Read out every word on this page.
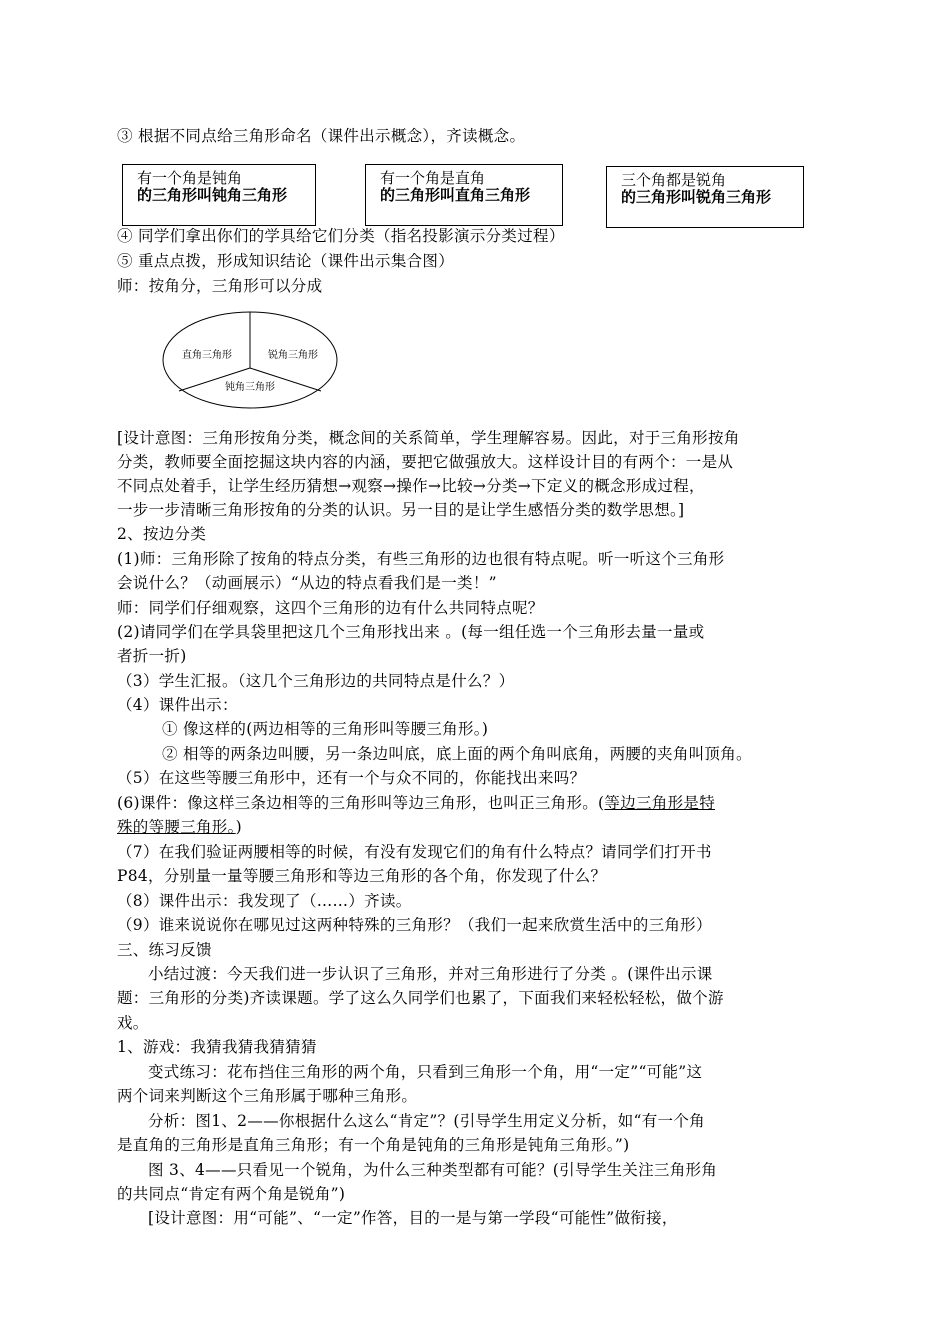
③ 根据不同点给三角形命名（课件出示概念），齐读概念。
有一个角是钝角
的三角形叫钝角三角形
有一个角是直角
的三角形叫直角三角形
三个角都是锐角
的三角形叫锐角三角形
④ 同学们拿出你们的学具给它们分类（指名投影演示分类过程）
⑤ 重点点拨，形成知识结论（课件出示集合图）
师：按角分，三角形可以分成
直角三角形	锐角三角形
钝角三角形
[设计意图：三角形按角分类，概念间的关系简单，学生理解容易。因此，对于三角形按角
分类，教师要全面挖掘这块内容的内涵，要把它做强放大。这样设计目的有两个：一是从
不同点处着手，让学生经历猜想→观察→操作→比较→分类→下定义的概念形成过程，
一步一步清晰三角形按角的分类的认识。另一目的是让学生感悟分类的数学思想。]
2、按边分类
(1)师：三角形除了按角的特点分类，有些三角形的边也很有特点呢。听一听这个三角形
会说什么？（动画展示）“从边的特点看我们是一类！”
师：同学们仔细观察，这四个三角形的边有什么共同特点呢？
(2)请同学们在学具袋里把这几个三角形找出来 。(每一组任选一个三角形去量一量或
者折一折)
（3）学生汇报。（这几个三角形边的共同特点是什么？）
（4）课件出示：
① 像这样的(两边相等的三角形叫等腰三角形。)
② 相等的两条边叫腰，另一条边叫底，底上面的两个角叫底角，两腰的夹角叫顶角。
（5）在这些等腰三角形中，还有一个与众不同的，你能找出来吗？
(6)课件：像这样三条边相等的三角形叫等边三角形，也叫正三角形。(等边三角形是特
殊的等腰三角形。)
（7）在我们验证两腰相等的时候，有没有发现它们的角有什么特点？请同学们打开书
P84，分别量一量等腰三角形和等边三角形的各个角，你发现了什么？
（8）课件出示：我发现了（……）齐读。
（9）谁来说说你在哪见过这两种特殊的三角形？（我们一起来欣赏生活中的三角形）
三、练习反馈
小结过渡：今天我们进一步认识了三角形，并对三角形进行了分类 。(课件出示课
题：三角形的分类)齐读课题。学了这么久同学们也累了，下面我们来轻松轻松，做个游
戏。
1、游戏：我猜我猜我猜猜猜
变式练习：花布挡住三角形的两个角，只看到三角形一个角，用“一定”“可能”这
两个词来判断这个三角形属于哪种三角形。
分析：图1、2——你根据什么这么“肯定”？(引导学生用定义分析，如“有一个角
是直角的三角形是直角三角形；有一个角是钝角的三角形是钝角三角形。”)
图 3、4——只看见一个锐角，为什么三种类型都有可能？(引导学生关注三角形角
的共同点“肯定有两个角是锐角”)
[设计意图：用“可能”、“一定”作答，目的一是与第一学段“可能性”做衔接，
